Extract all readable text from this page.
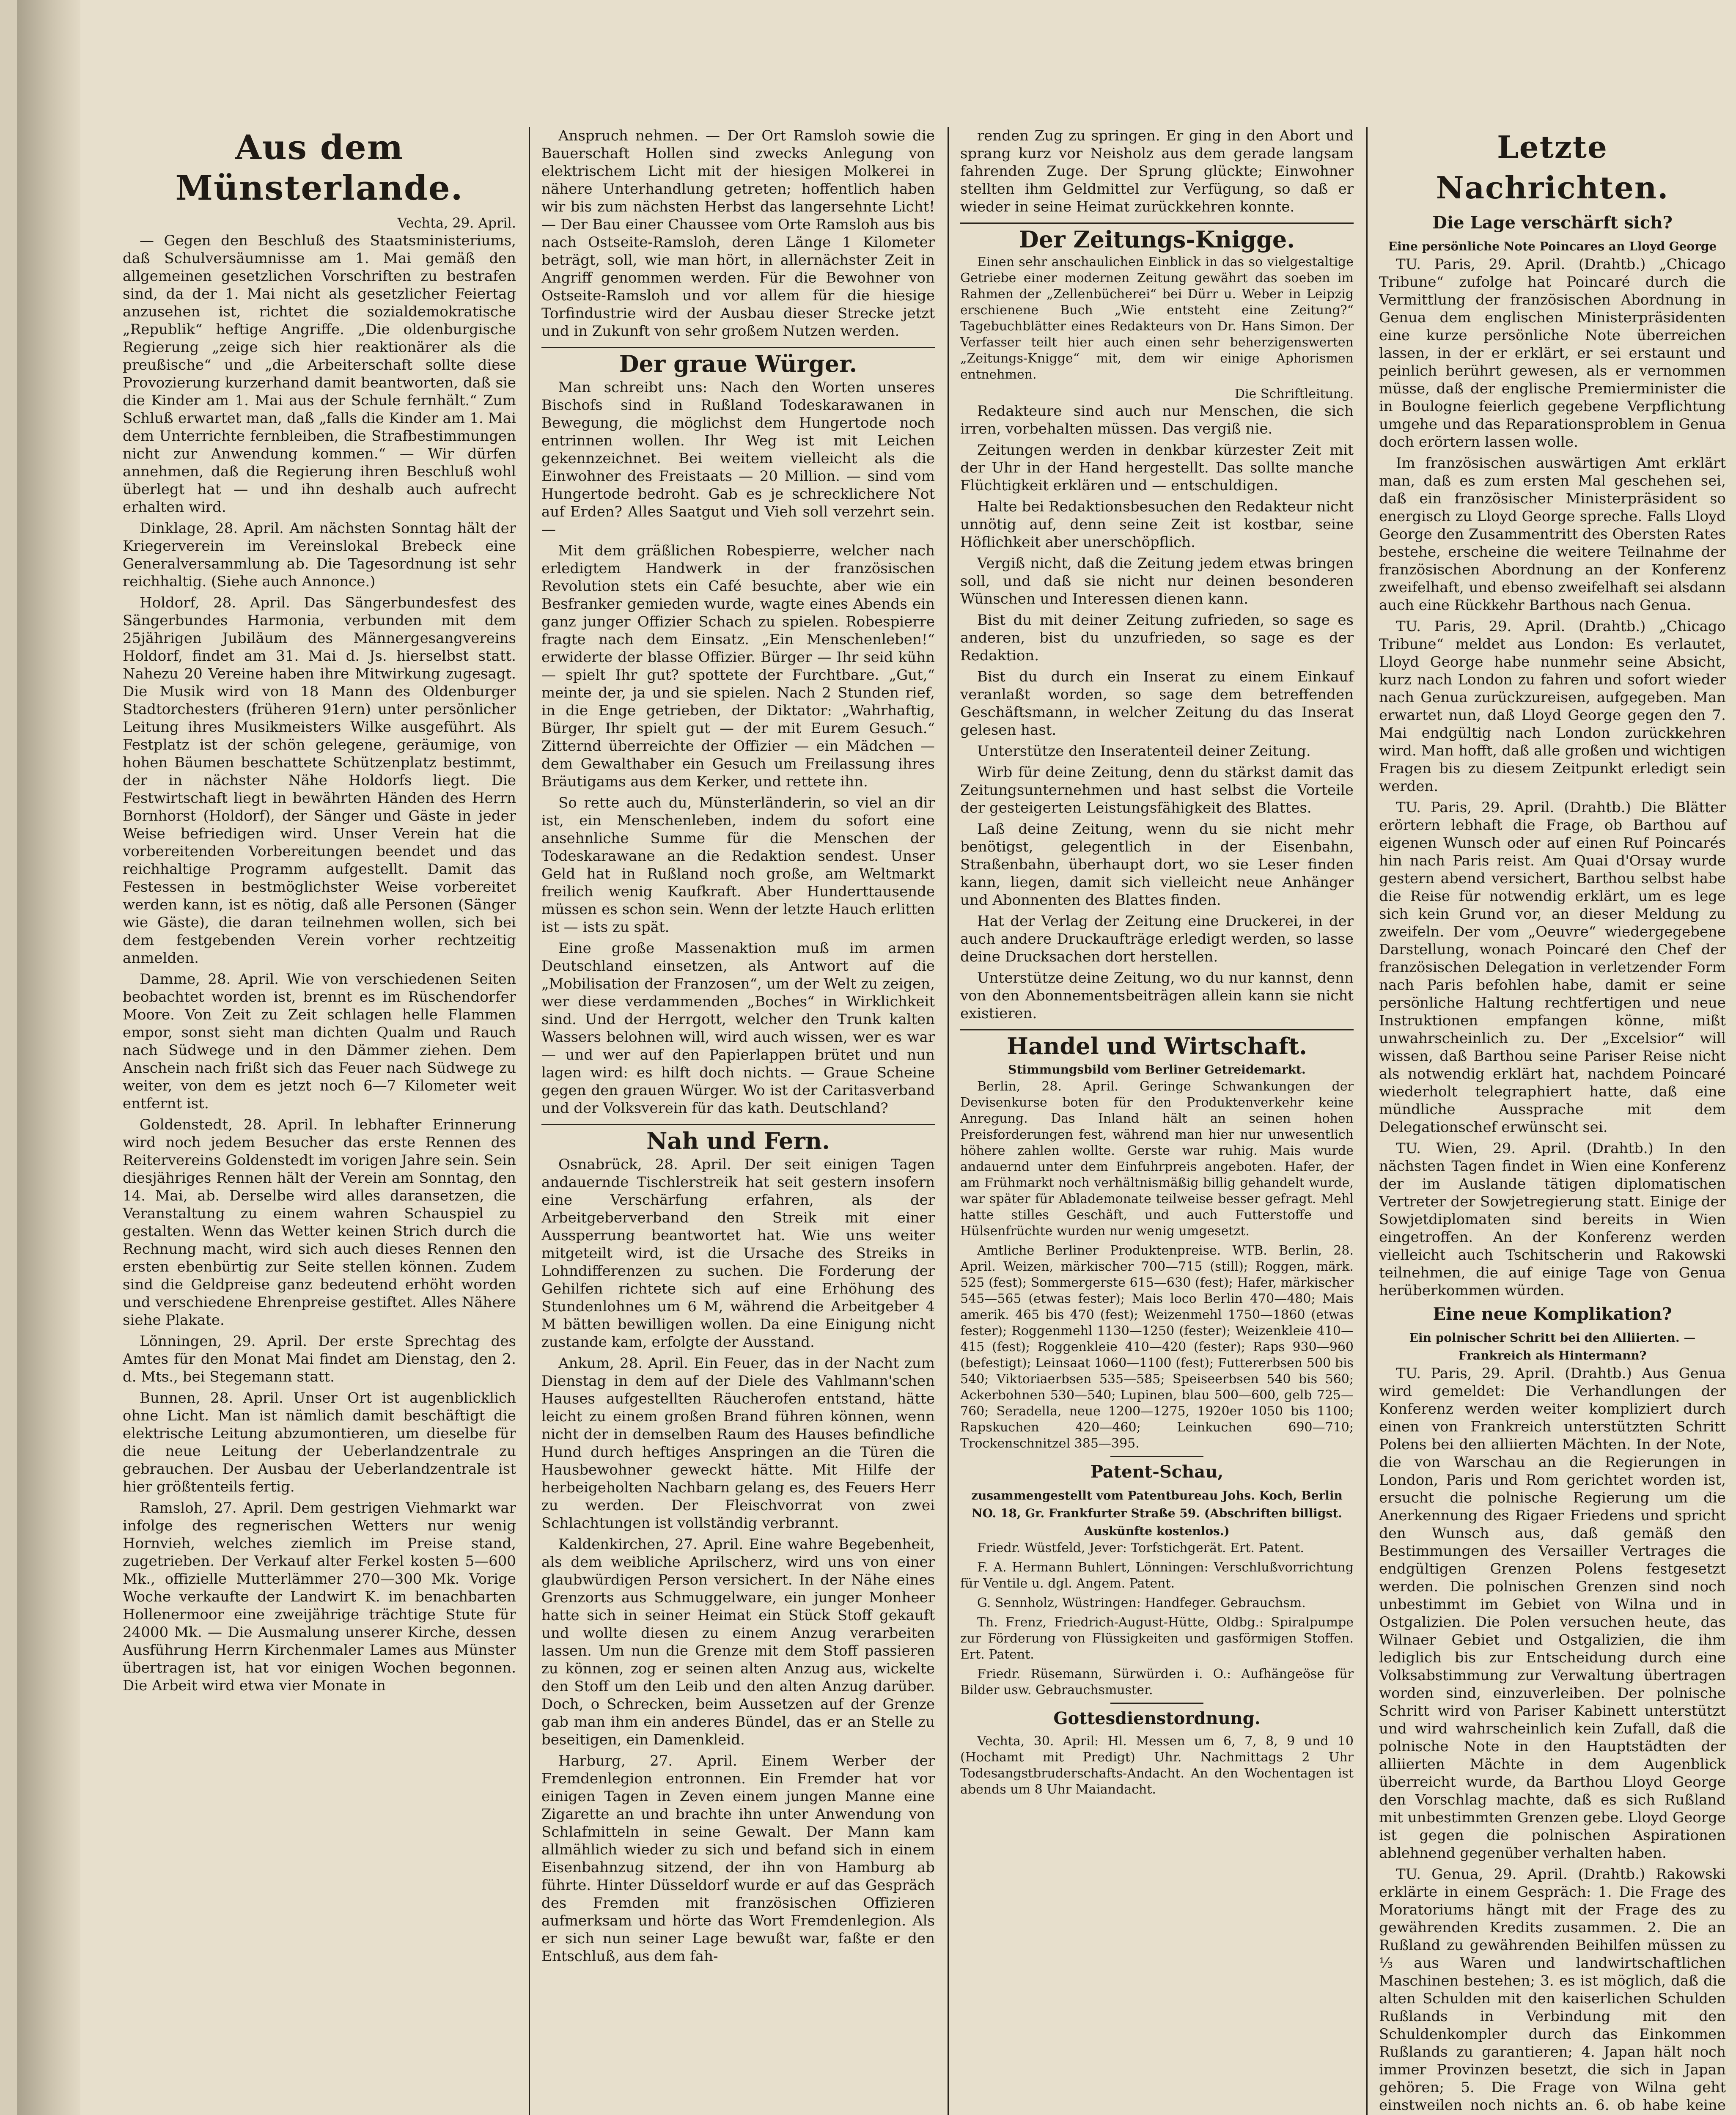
Aus dem Münsterlande.
Vechta, 29. April.

— Gegen den Beschluß des Staatsministeriums, daß Schulversäumnisse am 1. Mai gemäß den allgemeinen gesetzlichen Vorschriften zu bestrafen sind, da der 1. Mai nicht als gesetzlicher Feiertag anzusehen ist, richtet die sozialdemokratische „Republik“ heftige Angriffe. „Die oldenburgische Regierung „zeige sich hier reaktionärer als die preußische“ und „die Arbeiterschaft sollte diese Provozierung kurzerhand damit beantworten, daß sie die Kinder am 1. Mai aus der Schule fernhält.“ Zum Schluß erwartet man, daß „falls die Kinder am 1. Mai dem Unterrichte fernbleiben, die Strafbestimmungen nicht zur Anwendung kommen.“ — Wir dürfen annehmen, daß die Regierung ihren Beschluß wohl überlegt hat — und ihn deshalb auch aufrecht erhalten wird.

Dinklage, 28. April. Am nächsten Sonntag hält der Kriegerverein im Vereinslokal Brebeck eine Generalversammlung ab. Die Tagesordnung ist sehr reichhaltig. (Siehe auch Annonce.)

Holdorf, 28. April. Das Sängerbundesfest des Sängerbundes Harmonia, verbunden mit dem 25jährigen Jubiläum des Männergesangvereins Holdorf, findet am 31. Mai d. Js. hierselbst statt. Nahezu 20 Vereine haben ihre Mitwirkung zugesagt. Die Musik wird von 18 Mann des Oldenburger Stadtorchesters (früheren 91ern) unter persönlicher Leitung ihres Musikmeisters Wilke ausgeführt. Als Festplatz ist der schön gelegene, geräumige, von hohen Bäumen beschattete Schützenplatz bestimmt, der in nächster Nähe Holdorfs liegt. Die Festwirtschaft liegt in bewährten Händen des Herrn Bornhorst (Holdorf), der Sänger und Gäste in jeder Weise befriedigen wird. Unser Verein hat die vorbereitenden Vorbereitungen beendet und das reichhaltige Programm aufgestellt. Damit das Festessen in bestmöglichster Weise vorbereitet werden kann, ist es nötig, daß alle Personen (Sänger wie Gäste), die daran teilnehmen wollen, sich bei dem festgebenden Verein vorher rechtzeitig anmelden.

Damme, 28. April. Wie von verschiedenen Seiten beobachtet worden ist, brennt es im Rüschendorfer Moore. Von Zeit zu Zeit schlagen helle Flammen empor, sonst sieht man dichten Qualm und Rauch nach Südwege und in den Dämmer ziehen. Dem Anschein nach frißt sich das Feuer nach Südwege zu weiter, von dem es jetzt noch 6—7 Kilometer weit entfernt ist.

Goldenstedt, 28. April. In lebhafter Erinnerung wird noch jedem Besucher das erste Rennen des Reitervereins Goldenstedt im vorigen Jahre sein. Sein diesjähriges Rennen hält der Verein am Sonntag, den 14. Mai, ab. Derselbe wird alles daransetzen, die Veranstaltung zu einem wahren Schauspiel zu gestalten. Wenn das Wetter keinen Strich durch die Rechnung macht, wird sich auch dieses Rennen den ersten ebenbürtig zur Seite stellen können. Zudem sind die Geldpreise ganz bedeutend erhöht worden und verschiedene Ehrenpreise gestiftet. Alles Nähere siehe Plakate.

Lönningen, 29. April. Der erste Sprechtag des Amtes für den Monat Mai findet am Dienstag, den 2. d. Mts., bei Stegemann statt.

Bunnen, 28. April. Unser Ort ist augenblicklich ohne Licht. Man ist nämlich damit beschäftigt die elektrische Leitung abzumontieren, um dieselbe für die neue Leitung der Ueberlandzentrale zu gebrauchen. Der Ausbau der Ueberlandzentrale ist hier größtenteils fertig.

Ramsloh, 27. April. Dem gestrigen Viehmarkt war infolge des regnerischen Wetters nur wenig Hornvieh, welches ziemlich im Preise stand, zugetrieben. Der Verkauf alter Ferkel kosten 5—600 Mk., offizielle Mutterlämmer 270—300 Mk. Vorige Woche verkaufte der Landwirt K. im benachbarten Hollenermoor eine zweijährige trächtige Stute für 24000 Mk. — Die Ausmalung unserer Kirche, dessen Ausführung Herrn Kirchenmaler Lames aus Münster übertragen ist, hat vor einigen Wochen begonnen. Die Arbeit wird etwa vier Monate in

Anspruch nehmen. — Der Ort Ramsloh sowie die Bauerschaft Hollen sind zwecks Anlegung von elektrischem Licht mit der hiesigen Molkerei in nähere Unterhandlung getreten; hoffentlich haben wir bis zum nächsten Herbst das langersehnte Licht! — Der Bau einer Chaussee vom Orte Ramsloh aus bis nach Ostseite-Ramsloh, deren Länge 1 Kilometer beträgt, soll, wie man hört, in allernächster Zeit in Angriff genommen werden. Für die Bewohner von Ostseite-Ramsloh und vor allem für die hiesige Torfindustrie wird der Ausbau dieser Strecke jetzt und in Zukunft von sehr großem Nutzen werden.

Der graue Würger.

Man schreibt uns: Nach den Worten unseres Bischofs sind in Rußland Todeskarawanen in Bewegung, die möglichst dem Hungertode noch entrinnen wollen. Ihr Weg ist mit Leichen gekennzeichnet. Bei weitem vielleicht als die Einwohner des Freistaats — 20 Million. — sind vom Hungertode bedroht. Gab es je schrecklichere Not auf Erden? Alles Saatgut und Vieh soll verzehrt sein. —

Mit dem gräßlichen Robespierre, welcher nach erledigtem Handwerk in der französischen Revolution stets ein Café besuchte, aber wie ein Besfranker gemieden wurde, wagte eines Abends ein ganz junger Offizier Schach zu spielen. Robespierre fragte nach dem Einsatz. „Ein Menschenleben!“ erwiderte der blasse Offizier. Bürger — Ihr seid kühn — spielt Ihr gut? spottete der Furchtbare. „Gut,“ meinte der, ja und sie spielen. Nach 2 Stunden rief, in die Enge getrieben, der Diktator: „Wahrhaftig, Bürger, Ihr spielt gut — der mit Eurem Gesuch.“ Zitternd überreichte der Offizier — ein Mädchen — dem Gewalthaber ein Gesuch um Freilassung ihres Bräutigams aus dem Kerker, und rettete ihn.

So rette auch du, Münsterländerin, so viel an dir ist, ein Menschenleben, indem du sofort eine ansehnliche Summe für die Menschen der Todeskarawane an die Redaktion sendest. Unser Geld hat in Rußland noch große, am Weltmarkt freilich wenig Kaufkraft. Aber Hunderttausende müssen es schon sein. Wenn der letzte Hauch erlitten ist — ists zu spät.

Eine große Massenaktion muß im armen Deutschland einsetzen, als Antwort auf die „Mobilisation der Franzosen“, um der Welt zu zeigen, wer diese verdammenden „Boches“ in Wirklichkeit sind. Und der Herrgott, welcher den Trunk kalten Wassers belohnen will, wird auch wissen, wer es war — und wer auf den Papierlappen brütet und nun lagen wird: es hilft doch nichts. — Graue Scheine gegen den grauen Würger. Wo ist der Caritasverband und der Volksverein für das kath. Deutschland?

Nah und Fern.

Osnabrück, 28. April. Der seit einigen Tagen andauernde Tischlerstreik hat seit gestern insofern eine Verschärfung erfahren, als der Arbeitgeberverband den Streik mit einer Aussperrung beantwortet hat. Wie uns weiter mitgeteilt wird, ist die Ursache des Streiks in Lohndifferenzen zu suchen. Die Forderung der Gehilfen richtete sich auf eine Erhöhung des Stundenlohnes um 6 M, während die Arbeitgeber 4 M bätten bewilligen wollen. Da eine Einigung nicht zustande kam, erfolgte der Ausstand.

Ankum, 28. April. Ein Feuer, das in der Nacht zum Dienstag in dem auf der Diele des Vahlmann'schen Hauses aufgestellten Räucherofen entstand, hätte leicht zu einem großen Brand führen können, wenn nicht der in demselben Raum des Hauses befindliche Hund durch heftiges Anspringen an die Türen die Hausbewohner geweckt hätte. Mit Hilfe der herbeigeholten Nachbarn gelang es, des Feuers Herr zu werden. Der Fleischvorrat von zwei Schlachtungen ist vollständig verbrannt.

Kaldenkirchen, 27. April. Eine wahre Begebenheit, als dem weibliche Aprilscherz, wird uns von einer glaubwürdigen Person versichert. In der Nähe eines Grenzorts aus Schmuggelware, ein junger Monheer hatte sich in seiner Heimat ein Stück Stoff gekauft und wollte diesen zu einem Anzug verarbeiten lassen. Um nun die Grenze mit dem Stoff passieren zu können, zog er seinen alten Anzug aus, wickelte den Stoff um den Leib und den alten Anzug darüber. Doch, o Schrecken, beim Aussetzen auf der Grenze gab man ihm ein anderes Bündel, das er an Stelle zu beseitigen, ein Damenkleid.

Harburg, 27. April. Einem Werber der Fremdenlegion entronnen. Ein Fremder hat vor einigen Tagen in Zeven einem jungen Manne eine Zigarette an und brachte ihn unter Anwendung von Schlafmitteln in seine Gewalt. Der Mann kam allmählich wieder zu sich und befand sich in einem Eisenbahnzug sitzend, der ihn von Hamburg ab führte. Hinter Düsseldorf wurde er auf das Gespräch des Fremden mit französischen Offizieren aufmerksam und hörte das Wort Fremdenlegion. Als er sich nun seiner Lage bewußt war, faßte er den Entschluß, aus dem fah-

renden Zug zu springen. Er ging in den Abort und sprang kurz vor Neisholz aus dem gerade langsam fahrenden Zuge. Der Sprung glückte; Einwohner stellten ihm Geldmittel zur Verfügung, so daß er wieder in seine Heimat zurückkehren konnte.

Der Zeitungs-Knigge.

Einen sehr anschaulichen Einblick in das so vielgestaltige Getriebe einer modernen Zeitung gewährt das soeben im Rahmen der „Zellenbücherei“ bei Dürr u. Weber in Leipzig erschienene Buch „Wie entsteht eine Zeitung?“ Tagebuchblätter eines Redakteurs von Dr. Hans Simon. Der Verfasser teilt hier auch einen sehr beherzigenswerten „Zeitungs-Knigge“ mit, dem wir einige Aphorismen entnehmen.

Die Schriftleitung.

Redakteure sind auch nur Menschen, die sich irren, vorbehalten müssen. Das vergiß nie.

Zeitungen werden in denkbar kürzester Zeit mit der Uhr in der Hand hergestellt. Das sollte manche Flüchtigkeit erklären und — entschuldigen.

Halte bei Redaktionsbesuchen den Redakteur nicht unnötig auf, denn seine Zeit ist kostbar, seine Höflichkeit aber unerschöpflich.

Vergiß nicht, daß die Zeitung jedem etwas bringen soll, und daß sie nicht nur deinen besonderen Wünschen und Interessen dienen kann.

Bist du mit deiner Zeitung zufrieden, so sage es anderen, bist du unzufrieden, so sage es der Redaktion.

Bist du durch ein Inserat zu einem Einkauf veranlaßt worden, so sage dem betreffenden Geschäftsmann, in welcher Zeitung du das Inserat gelesen hast.

Unterstütze den Inseratenteil deiner Zeitung.

Wirb für deine Zeitung, denn du stärkst damit das Zeitungsunternehmen und hast selbst die Vorteile der gesteigerten Leistungsfähigkeit des Blattes.

Laß deine Zeitung, wenn du sie nicht mehr benötigst, gelegentlich in der Eisenbahn, Straßenbahn, überhaupt dort, wo sie Leser finden kann, liegen, damit sich vielleicht neue Anhänger und Abonnenten des Blattes finden.

Hat der Verlag der Zeitung eine Druckerei, in der auch andere Druckaufträge erledigt werden, so lasse deine Drucksachen dort herstellen.

Unterstütze deine Zeitung, wo du nur kannst, denn von den Abonnementsbeiträgen allein kann sie nicht existieren.

Handel und Wirtschaft.
Stimmungsbild vom Berliner Getreidemarkt.

Berlin, 28. April. Geringe Schwankungen der Devisenkurse boten für den Produktenverkehr keine Anregung. Das Inland hält an seinen hohen Preisforderungen fest, während man hier nur unwesentlich höhere zahlen wollte. Gerste war ruhig. Mais wurde andauernd unter dem Einfuhrpreis angeboten. Hafer, der am Frühmarkt noch verhältnismäßig billig gehandelt wurde, war später für Ablademonate teilweise besser gefragt. Mehl hatte stilles Geschäft, und auch Futterstoffe und Hülsenfrüchte wurden nur wenig umgesetzt.

Amtliche Berliner Produktenpreise. WTB. Berlin, 28. April. Weizen, märkischer 700—715 (still); Roggen, märk. 525 (fest); Sommergerste 615—630 (fest); Hafer, märkischer 545—565 (etwas fester); Mais loco Berlin 470—480; Mais amerik. 465 bis 470 (fest); Weizenmehl 1750—1860 (etwas fester); Roggenmehl 1130—1250 (fester); Weizenkleie 410—415 (fest); Roggenkleie 410—420 (fester); Raps 930—960 (befestigt); Leinsaat 1060—1100 (fest); Futtererbsen 500 bis 540; Viktoriaerbsen 535—585; Speiseerbsen 540 bis 560; Ackerbohnen 530—540; Lupinen, blau 500—600, gelb 725—760; Seradella, neue 1200—1275, 1920er 1050 bis 1100; Rapskuchen 420—460; Leinkuchen 690—710; Trockenschnitzel 385—395.

Patent-Schau,
zusammengestellt vom Patentbureau Johs. Koch, Berlin NO. 18, Gr. Frankfurter Straße 59. (Abschriften billigst. Auskünfte kostenlos.)

Friedr. Wüstfeld, Jever: Torfstichgerät. Ert. Patent.

F. A. Hermann Buhlert, Lönningen: Verschlußvorrichtung für Ventile u. dgl. Angem. Patent.

G. Sennholz, Wüstringen: Handfeger. Gebrauchsm.

Th. Frenz, Friedrich-August-Hütte, Oldbg.: Spiralpumpe zur Förderung von Flüssigkeiten und gasförmigen Stoffen. Ert. Patent.

Friedr. Rüsemann, Sürwürden i. O.: Aufhängeöse für Bilder usw. Gebrauchsmuster.

Gottesdienstordnung.

Vechta, 30. April: Hl. Messen um 6, 7, 8, 9 und 10 (Hochamt mit Predigt) Uhr. Nachmittags 2 Uhr Todesangstbruderschafts-Andacht. An den Wochentagen ist abends um 8 Uhr Maiandacht.

Letzte Nachrichten.
Die Lage verschärft sich?
Eine persönliche Note Poincares an Lloyd George

TU. Paris, 29. April. (Drahtb.) „Chicago Tribune“ zufolge hat Poincaré durch die Vermittlung der französischen Abordnung in Genua dem englischen Ministerpräsidenten eine kurze persönliche Note überreichen lassen, in der er erklärt, er sei erstaunt und peinlich berührt gewesen, als er vernommen müsse, daß der englische Premierminister die in Boulogne feierlich gegebene Verpflichtung umgehe und das Reparationsproblem in Genua doch erörtern lassen wolle.

Im französischen auswärtigen Amt erklärt man, daß es zum ersten Mal geschehen sei, daß ein französischer Ministerpräsident so energisch zu Lloyd George spreche. Falls Lloyd George den Zusammentritt des Obersten Rates bestehe, erscheine die weitere Teilnahme der französischen Abordnung an der Konferenz zweifelhaft, und ebenso zweifelhaft sei alsdann auch eine Rückkehr Barthous nach Genua.

TU. Paris, 29. April. (Drahtb.) „Chicago Tribune“ meldet aus London: Es verlautet, Lloyd George habe nunmehr seine Absicht, kurz nach London zu fahren und sofort wieder nach Genua zurückzureisen, aufgegeben. Man erwartet nun, daß Lloyd George gegen den 7. Mai endgültig nach London zurückkehren wird. Man hofft, daß alle großen und wichtigen Fragen bis zu diesem Zeitpunkt erledigt sein werden.

TU. Paris, 29. April. (Drahtb.) Die Blätter erörtern lebhaft die Frage, ob Barthou auf eigenen Wunsch oder auf einen Ruf Poincarés hin nach Paris reist. Am Quai d'Orsay wurde gestern abend versichert, Barthou selbst habe die Reise für notwendig erklärt, um es lege sich kein Grund vor, an dieser Meldung zu zweifeln. Der vom „Oeuvre“ wiedergegebene Darstellung, wonach Poincaré den Chef der französischen Delegation in verletzender Form nach Paris befohlen habe, damit er seine persönliche Haltung rechtfertigen und neue Instruktionen empfangen könne, mißt unwahrscheinlich zu. Der „Excelsior“ will wissen, daß Barthou seine Pariser Reise nicht als notwendig erklärt hat, nachdem Poincaré wiederholt telegraphiert hatte, daß eine mündliche Aussprache mit dem Delegationschef erwünscht sei.

TU. Wien, 29. April. (Drahtb.) In den nächsten Tagen findet in Wien eine Konferenz der im Auslande tätigen diplomatischen Vertreter der Sowjetregierung statt. Einige der Sowjetdiplomaten sind bereits in Wien eingetroffen. An der Konferenz werden vielleicht auch Tschitscherin und Rakowski teilnehmen, die auf einige Tage von Genua herüberkommen würden.

Eine neue Komplikation?
Ein polnischer Schritt bei den Alliierten. — Frankreich als Hintermann?

TU. Paris, 29. April. (Drahtb.) Aus Genua wird gemeldet: Die Verhandlungen der Konferenz werden weiter kompliziert durch einen von Frankreich unterstützten Schritt Polens bei den alliierten Mächten. In der Note, die von Warschau an die Regierungen in London, Paris und Rom gerichtet worden ist, ersucht die polnische Regierung um die Anerkennung des Rigaer Friedens und spricht den Wunsch aus, daß gemäß den Bestimmungen des Versailler Vertrages die endgültigen Grenzen Polens festgesetzt werden. Die polnischen Grenzen sind noch unbestimmt im Gebiet von Wilna und in Ostgalizien. Die Polen versuchen heute, das Wilnaer Gebiet und Ostgalizien, die ihm lediglich bis zur Entscheidung durch eine Volksabstimmung zur Verwaltung übertragen worden sind, einzuverleiben. Der polnische Schritt wird von Pariser Kabinett unterstützt und wird wahrscheinlich kein Zufall, daß die polnische Note in den Hauptstädten der alliierten Mächte in dem Augenblick überreicht wurde, da Barthou Lloyd George den Vorschlag machte, daß es sich Rußland mit unbestimmten Grenzen gebe. Lloyd George ist gegen die polnischen Aspirationen ablehnend gegenüber verhalten haben.

TU. Genua, 29. April. (Drahtb.) Rakowski erklärte in einem Gespräch: 1. Die Frage des Moratoriums hängt mit der Frage des zu gewährenden Kredits zusammen. 2. Die an Rußland zu gewährenden Beihilfen müssen zu ⅓ aus Waren und landwirtschaftlichen Maschinen bestehen; 3. es ist möglich, daß die alten Schulden mit den kaiserlichen Schulden Rußlands in Verbindung mit den Schuldenkompler durch das Einkommen Rußlands zu garantieren; 4. Japan hält noch immer Provinzen besetzt, die sich in Japan gehören; 5. Die Frage von Wilna geht einstweilen noch nichts an. 6. ob habe keine
